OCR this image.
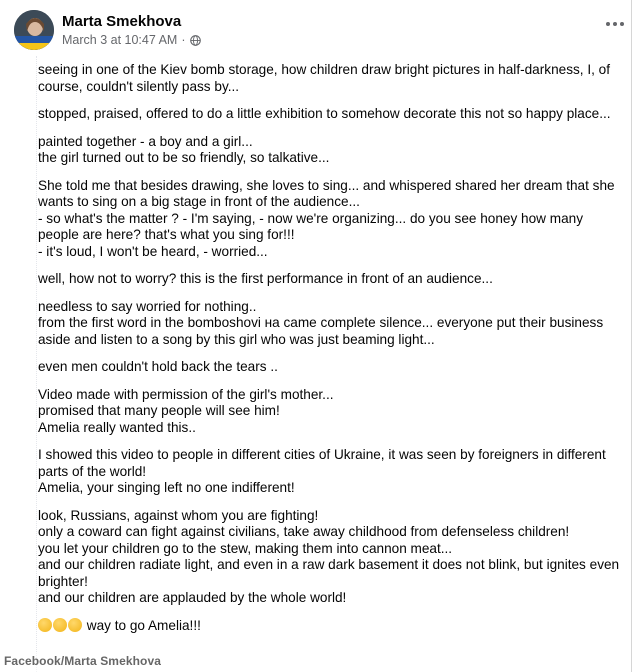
Marta Smekhova
March 3 at 10:47 AM ·

seeing in one of the Kiev bomb storage, how children draw bright pictures in half-darkness, I, of course, couldn't silently pass by...

stopped, praised, offered to do a little exhibition to somehow decorate this not so happy place...

painted together - a boy and a girl...
the girl turned out to be so friendly, so talkative...

She told me that besides drawing, she loves to sing... and whispered shared her dream that she wants to sing on a big stage in front of the audience...
- so what's the matter ? - I'm saying, - now we're organizing... do you see honey how many people are here? that's what you sing for!!!
- it's loud, I won't be heard, - worried...

well, how not to worry? this is the first performance in front of an audience...

needless to say worried for nothing..
from the first word in the bomboshovi на came complete silence... everyone put their business aside and listen to a song by this girl who was just beaming light...

even men couldn't hold back the tears ..

Video made with permission of the girl's mother...
promised that many people will see him!
Amelia really wanted this..

I showed this video to people in different cities of Ukraine, it was seen by foreigners in different parts of the world!
Amelia, your singing left no one indifferent!

look, Russians, against whom you are fighting!
only a coward can fight against civilians, take away childhood from defenseless children!
you let your children go to the stew, making them into cannon meat...
and our children radiate light, and even in a raw dark basement it does not blink, but ignites even brighter!
and our children are applauded by the whole world!

way to go Amelia!!!

Facebook/Marta Smekhova
